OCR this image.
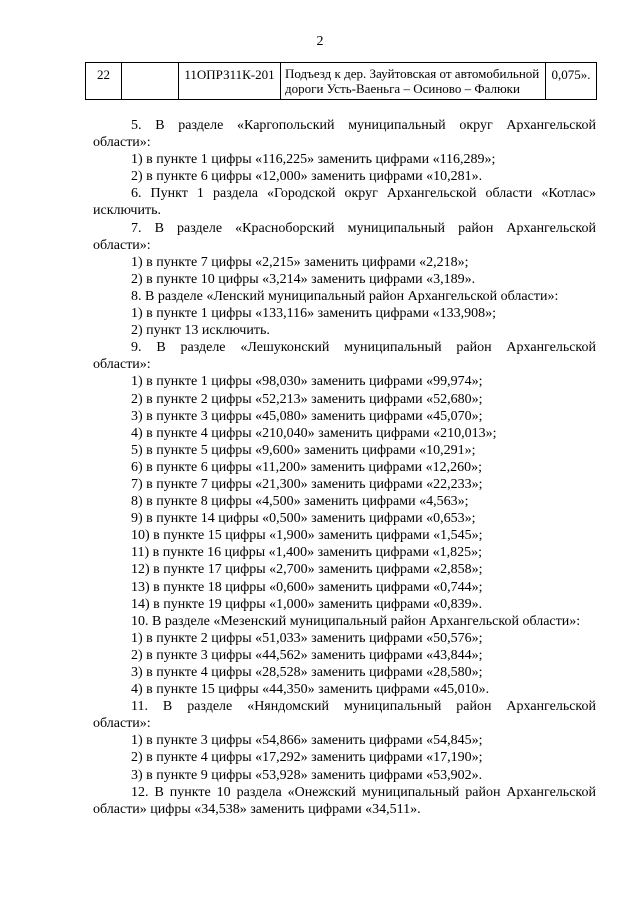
2
22		11ОПРЗ11К-201	Подъезд к дер. Зауйтовская от автомобильной дороги Усть-Ваеньга – Осиново – Фалюки	0,075».
5. В разделе «Каргопольский муниципальный округ Архангельской
области»:
1) в пункте 1 цифры «116,225» заменить цифрами «116,289»;
2) в пункте 6 цифры «12,000» заменить цифрами «10,281».
6. Пункт 1 раздела «Городской округ Архангельской области «Котлас»
исключить.
7. В разделе «Красноборский муниципальный район Архангельской
области»:
1) в пункте 7 цифры «2,215» заменить цифрами «2,218»;
2) в пункте 10 цифры «3,214» заменить цифрами «3,189».
8. В разделе «Ленский муниципальный район Архангельской области»:
1) в пункте 1 цифры «133,116» заменить цифрами «133,908»;
2) пункт 13 исключить.
9. В разделе «Лешуконский муниципальный район Архангельской
области»:
1) в пункте 1 цифры «98,030» заменить цифрами «99,974»;
2) в пункте 2 цифры «52,213» заменить цифрами «52,680»;
3) в пункте 3 цифры «45,080» заменить цифрами «45,070»;
4) в пункте 4 цифры «210,040» заменить цифрами «210,013»;
5) в пункте 5 цифры «9,600» заменить цифрами «10,291»;
6) в пункте 6 цифры «11,200» заменить цифрами «12,260»;
7) в пункте 7 цифры «21,300» заменить цифрами «22,233»;
8) в пункте 8 цифры «4,500» заменить цифрами «4,563»;
9) в пункте 14 цифры «0,500» заменить цифрами «0,653»;
10) в пункте 15 цифры «1,900» заменить цифрами «1,545»;
11) в пункте 16 цифры «1,400» заменить цифрами «1,825»;
12) в пункте 17 цифры «2,700» заменить цифрами «2,858»;
13) в пункте 18 цифры «0,600» заменить цифрами «0,744»;
14) в пункте 19 цифры «1,000» заменить цифрами «0,839».
10. В разделе «Мезенский муниципальный район Архангельской области»:
1) в пункте 2 цифры «51,033» заменить цифрами «50,576»;
2) в пункте 3 цифры «44,562» заменить цифрами «43,844»;
3) в пункте 4 цифры «28,528» заменить цифрами «28,580»;
4) в пункте 15 цифры «44,350» заменить цифрами «45,010».
11. В разделе «Няндомский муниципальный район Архангельской
области»:
1) в пункте 3 цифры «54,866» заменить цифрами «54,845»;
2) в пункте 4 цифры «17,292» заменить цифрами «17,190»;
3) в пункте 9 цифры «53,928» заменить цифрами «53,902».
12. В пункте 10 раздела «Онежский муниципальный район Архангельской
области» цифры «34,538» заменить цифрами «34,511».
